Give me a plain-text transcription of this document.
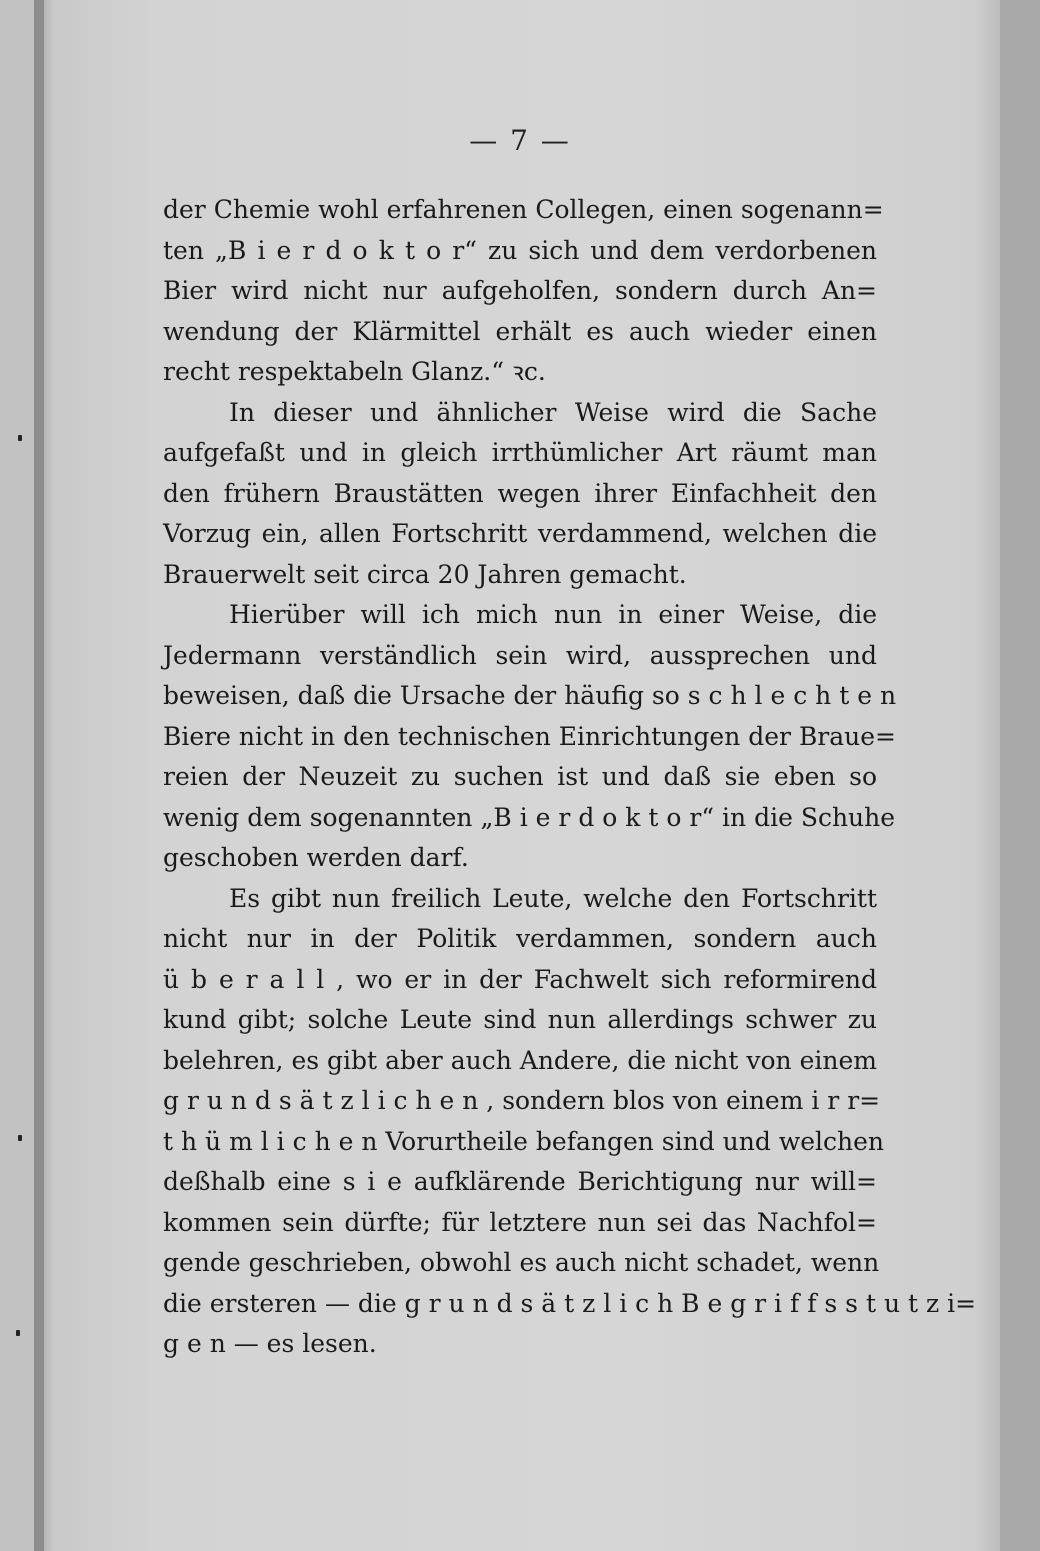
— 7 —
der Chemie wohl erfahrenen Collegen, einen sogenann=
ten „B i e r d o k t o r“ zu sich und dem verdorbenen
Bier wird nicht nur aufgeholfen, sondern durch An=
wendung der Klärmittel erhält es auch wieder einen
recht respektabeln Glanz.“ ꝛc.
In dieser und ähnlicher Weise wird die Sache
aufgefaßt und in gleich irrthümlicher Art räumt man
den frühern Braustätten wegen ihrer Einfachheit den
Vorzug ein, allen Fortschritt verdammend, welchen die
Brauerwelt seit circa 20 Jahren gemacht.
Hierüber will ich mich nun in einer Weise, die
Jedermann verständlich sein wird, aussprechen und
beweisen, daß die Ursache der häufig so s c h l e c h t e n
Biere nicht in den technischen Einrichtungen der Braue=
reien der Neuzeit zu suchen ist und daß sie eben so
wenig dem sogenannten „B i e r d o k t o r“ in die Schuhe
geschoben werden darf.
Es gibt nun freilich Leute, welche den Fortschritt
nicht nur in der Politik verdammen, sondern auch
ü b e r a l l , wo er in der Fachwelt sich reformirend
kund gibt; solche Leute sind nun allerdings schwer zu
belehren, es gibt aber auch Andere, die nicht von einem
g r u n d s ä t z l i c h e n , sondern blos von einem i r r=
t h ü m l i c h e n Vorurtheile befangen sind und welchen
deßhalb eine s i e aufklärende Berichtigung nur will=
kommen sein dürfte; für letztere nun sei das Nachfol=
gende geschrieben, obwohl es auch nicht schadet, wenn
die ersteren — die g r u n d s ä t z l i c h B e g r i f f s s t u t z i=
g e n — es lesen.
